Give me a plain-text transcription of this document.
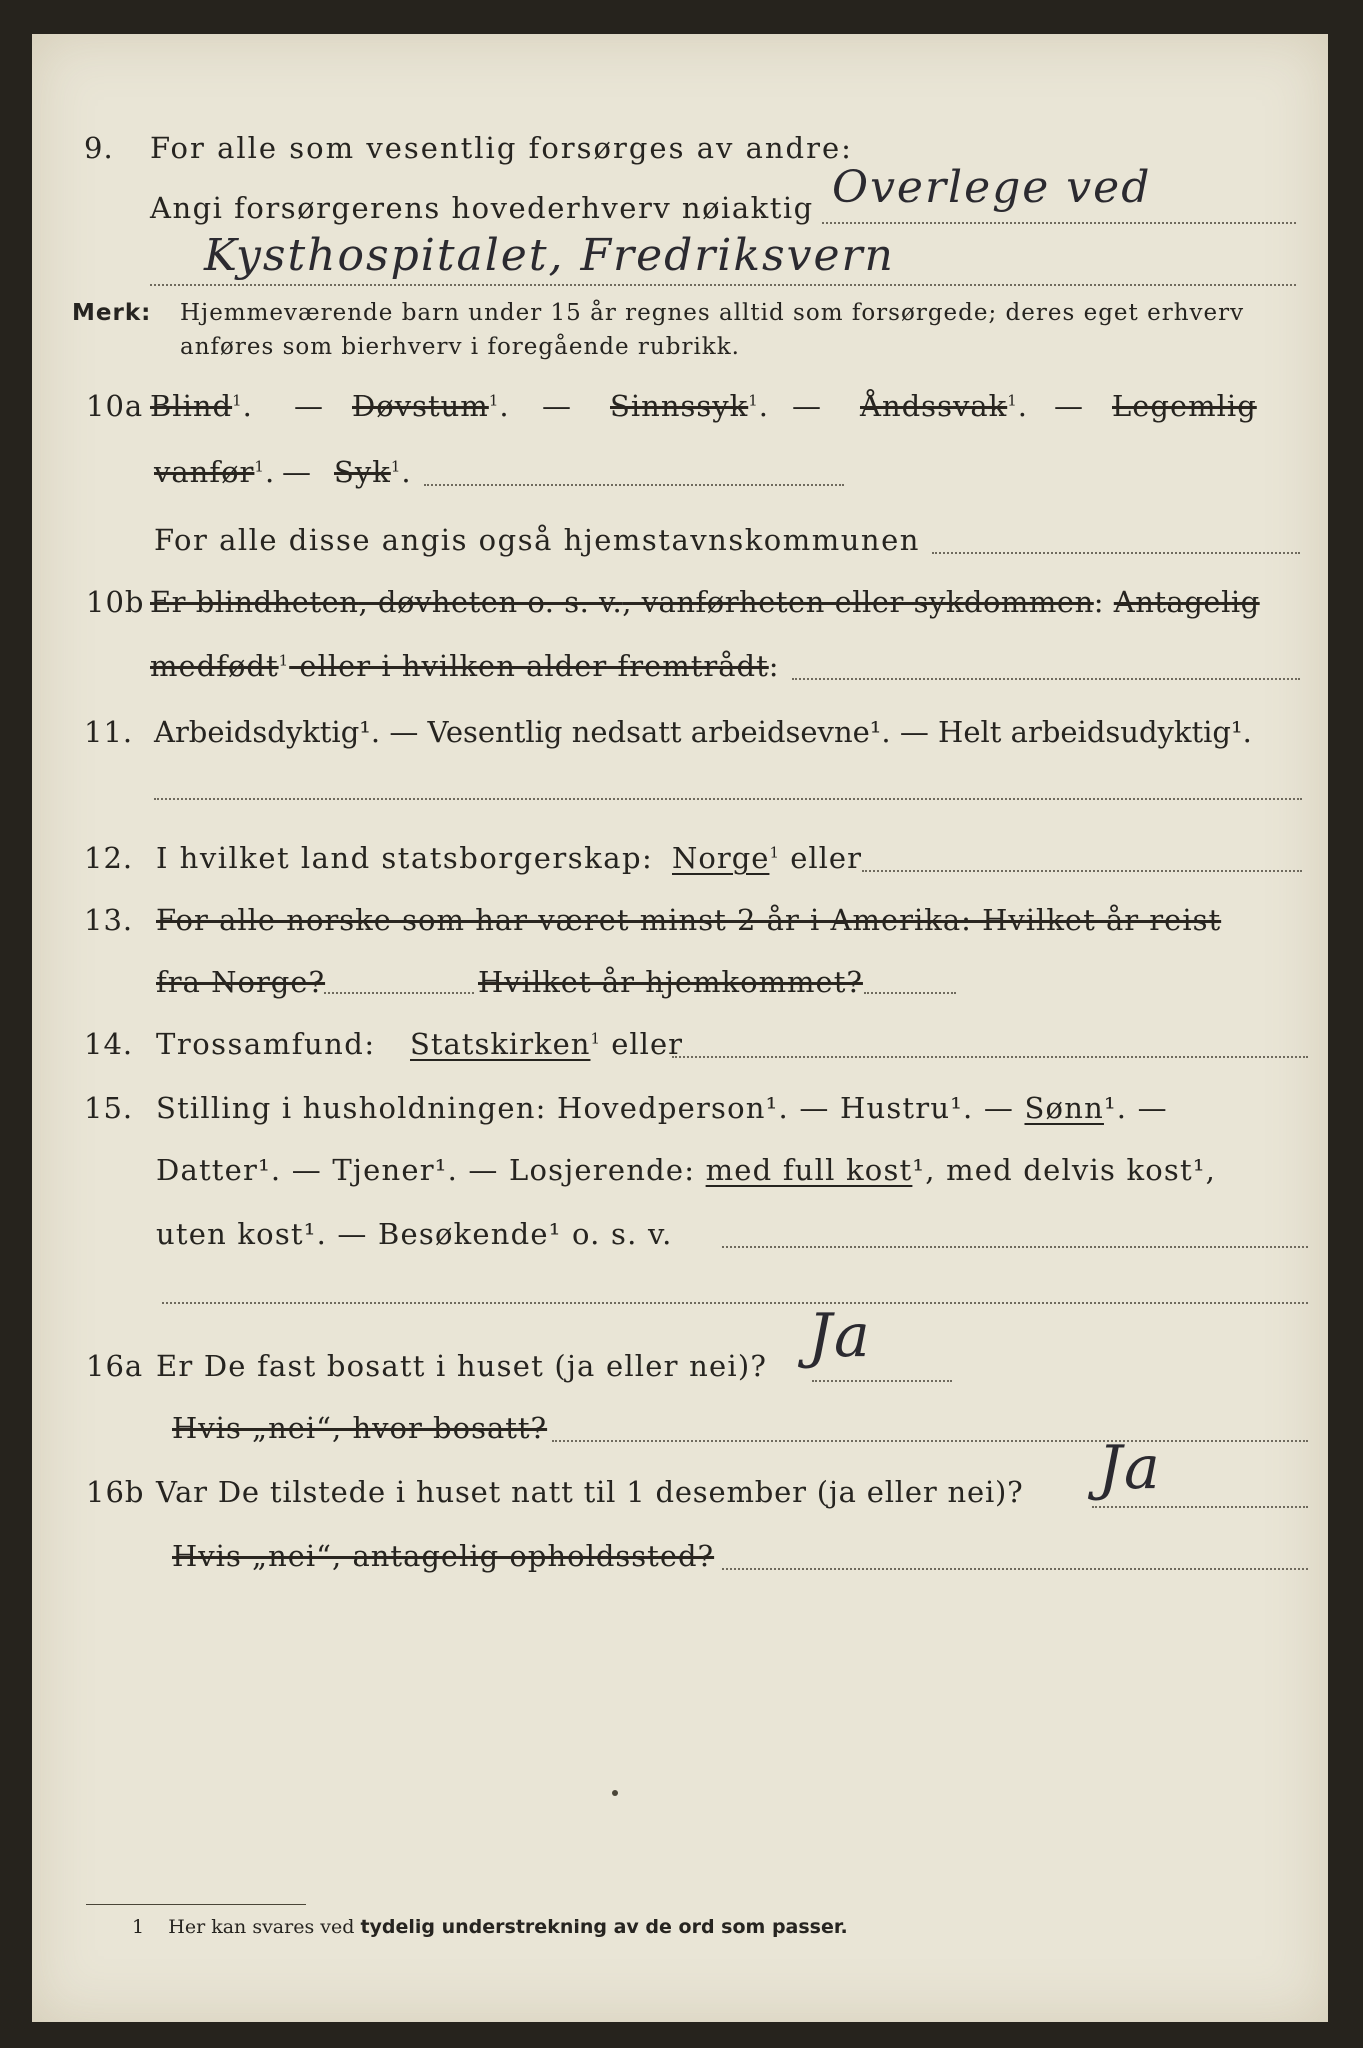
9. For alle som vesentlig forsørges av andre:
Angi forsørgerens hovederhverv nøiaktig Overlege ved
Kysthospitalet, Fredriksvern
Merk: Hjemmeværende barn under 15 år regnes alltid som forsørgede; deres eget erhverv
anføres som bierhverv i foregående rubrikk.
10a Blind$^1$. — Døvstum$^1$. — Sinnssyk$^1$. — Åndssvak$^1$. — Legemlig
vanfør$^1$. — Syk$^1$.
For alle disse angis også hjemstavnskommunen
10b Er blindheten, døvheten o. s. v., vanførheten eller sykdommen: Antagelig
medfødt$^1$ eller i hvilken alder fremtrådt:
11. Arbeidsdyktig¹. — Vesentlig nedsatt arbeidsevne¹. — Helt arbeidsudyktig¹.
12. I hvilket land statsborgerskap: Norge$^1$ eller
13. For alle norske som har været minst 2 år i Amerika: Hvilket år reist
fra Norge?	Hvilket år hjemkommet?
14. Trossamfund: Statskirken$^1$ eller
15. Stilling i husholdningen: Hovedperson¹. — Hustru¹. — Sønn¹. —
Datter¹. — Tjener¹. — Losjerende: med full kost¹, med delvis kost¹,
uten kost¹. — Besøkende¹ o. s. v.
16a Er De fast bosatt i huset (ja eller nei)? Ja
Hvis „nei“, hvor bosatt?
16b Var De tilstede i huset natt til 1 desember (ja eller nei)? Ja
Hvis „nei“, antagelig opholdssted?
1 Her kan svares ved tydelig understrekning av de ord som passer.
